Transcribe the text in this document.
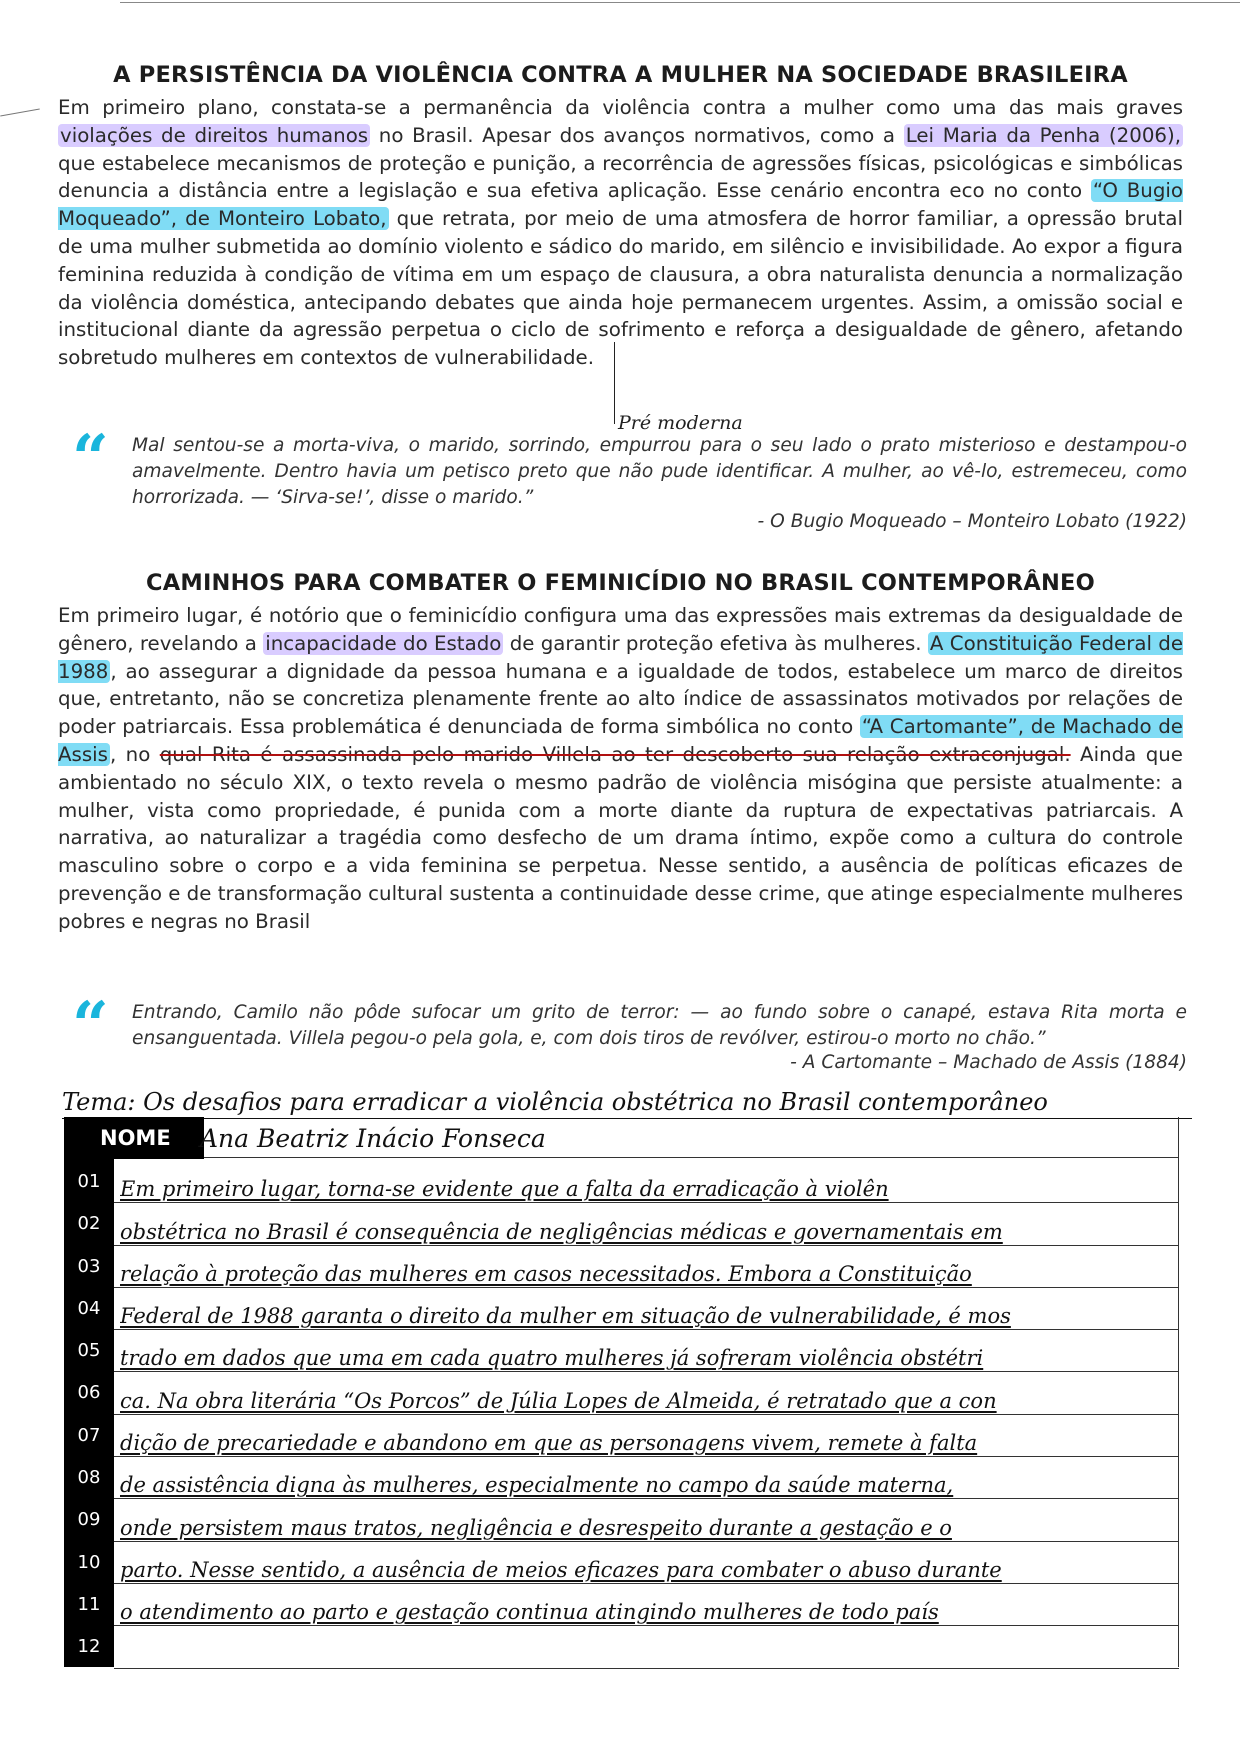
A PERSISTÊNCIA DA VIOLÊNCIA CONTRA A MULHER NA SOCIEDADE BRASILEIRA

Em primeiro plano, constata-se a permanência da violência contra a mulher como uma das mais graves violações de direitos humanos no Brasil. Apesar dos avanços normativos, como a Lei Maria da Penha (2006), que estabelece mecanismos de proteção e punição, a recorrência de agressões físicas, psicológicas e simbólicas denuncia a distância entre a legislação e sua efetiva aplicação. Esse cenário encontra eco no conto “O Bugio Moqueado”, de Monteiro Lobato, que retrata, por meio de uma atmosfera de horror familiar, a opressão brutal de uma mulher submetida ao domínio violento e sádico do marido, em silêncio e invisibilidade. Ao expor a figura feminina reduzida à condição de vítima em um espaço de clausura, a obra naturalista denuncia a normalização da violência doméstica, antecipando debates que ainda hoje permanecem urgentes. Assim, a omissão social e institucional diante da agressão perpetua o ciclo de sofrimento e reforça a desigualdade de gênero, afetando sobretudo mulheres em contextos de vulnerabilidade.

Pré moderna
“ Mal sentou-se a morta-viva, o marido, sorrindo, empurrou para o seu lado o prato misterioso e destampou-o amavelmente. Dentro havia um petisco preto que não pude identificar. A mulher, ao vê-lo, estremeceu, como horrorizada. — ‘Sirva-se!’, disse o marido.”

- O Bugio Moqueado – Monteiro Lobato (1922)

CAMINHOS PARA COMBATER O FEMINICÍDIO NO BRASIL CONTEMPORÂNEO

Em primeiro lugar, é notório que o feminicídio configura uma das expressões mais extremas da desigualdade de gênero, revelando a incapacidade do Estado de garantir proteção efetiva às mulheres. A Constituição Federal de 1988 , ao assegurar a dignidade da pessoa humana e a igualdade de todos, estabelece um marco de direitos que, entretanto, não se concretiza plenamente frente ao alto índice de assassinatos motivados por relações de poder patriarcais. Essa problemática é denunciada de forma simbólica no conto “A Cartomante”, de Machado de Assis , no qual Rita é assassinada pelo marido Villela ao ter descoberto sua relação extraconjugal. Ainda que ambientado no século XIX, o texto revela o mesmo padrão de violência misógina que persiste atualmente: a mulher, vista como propriedade, é punida com a morte diante da ruptura de expectativas patriarcais. A narrativa, ao naturalizar a tragédia como desfecho de um drama íntimo, expõe como a cultura do controle masculino sobre o corpo e a vida feminina se perpetua. Nesse sentido, a ausência de políticas eficazes de prevenção e de transformação cultural sustenta a continuidade desse crime, que atinge especialmente mulheres pobres e negras no Brasil

“ Entrando, Camilo não pôde sufocar um grito de terror: — ao fundo sobre o canapé, estava Rita morta e ensanguentada. Villela pegou-o pela gola, e, com dois tiros de revólver, estirou-o morto no chão.”

- A Cartomante – Machado de Assis (1884)

Tema: Os desafios para erradicar a violência obstétrica no Brasil contemporâneo
NOME	Ana Beatriz Inácio Fonseca
01 Em primeiro lugar, torna-se evidente que a falta da erradicação à violên
02 obstétrica no Brasil é consequência de negligências médicas e governamentais em
03 relação à proteção das mulheres em casos necessitados. Embora a Constituição
04 Federal de 1988 garanta o direito da mulher em situação de vulnerabilidade, é mos
05 trado em dados que uma em cada quatro mulheres já sofreram violência obstétri
06 ca. Na obra literária “Os Porcos” de Júlia Lopes de Almeida, é retratado que a con
07 dição de precariedade e abandono em que as personagens vivem, remete à falta
08 de assistência digna às mulheres, especialmente no campo da saúde materna,
09 onde persistem maus tratos, negligência e desrespeito durante a gestação e o
10 parto. Nesse sentido, a ausência de meios eficazes para combater o abuso durante
11 o atendimento ao parto e gestação continua atingindo mulheres de todo país
12
